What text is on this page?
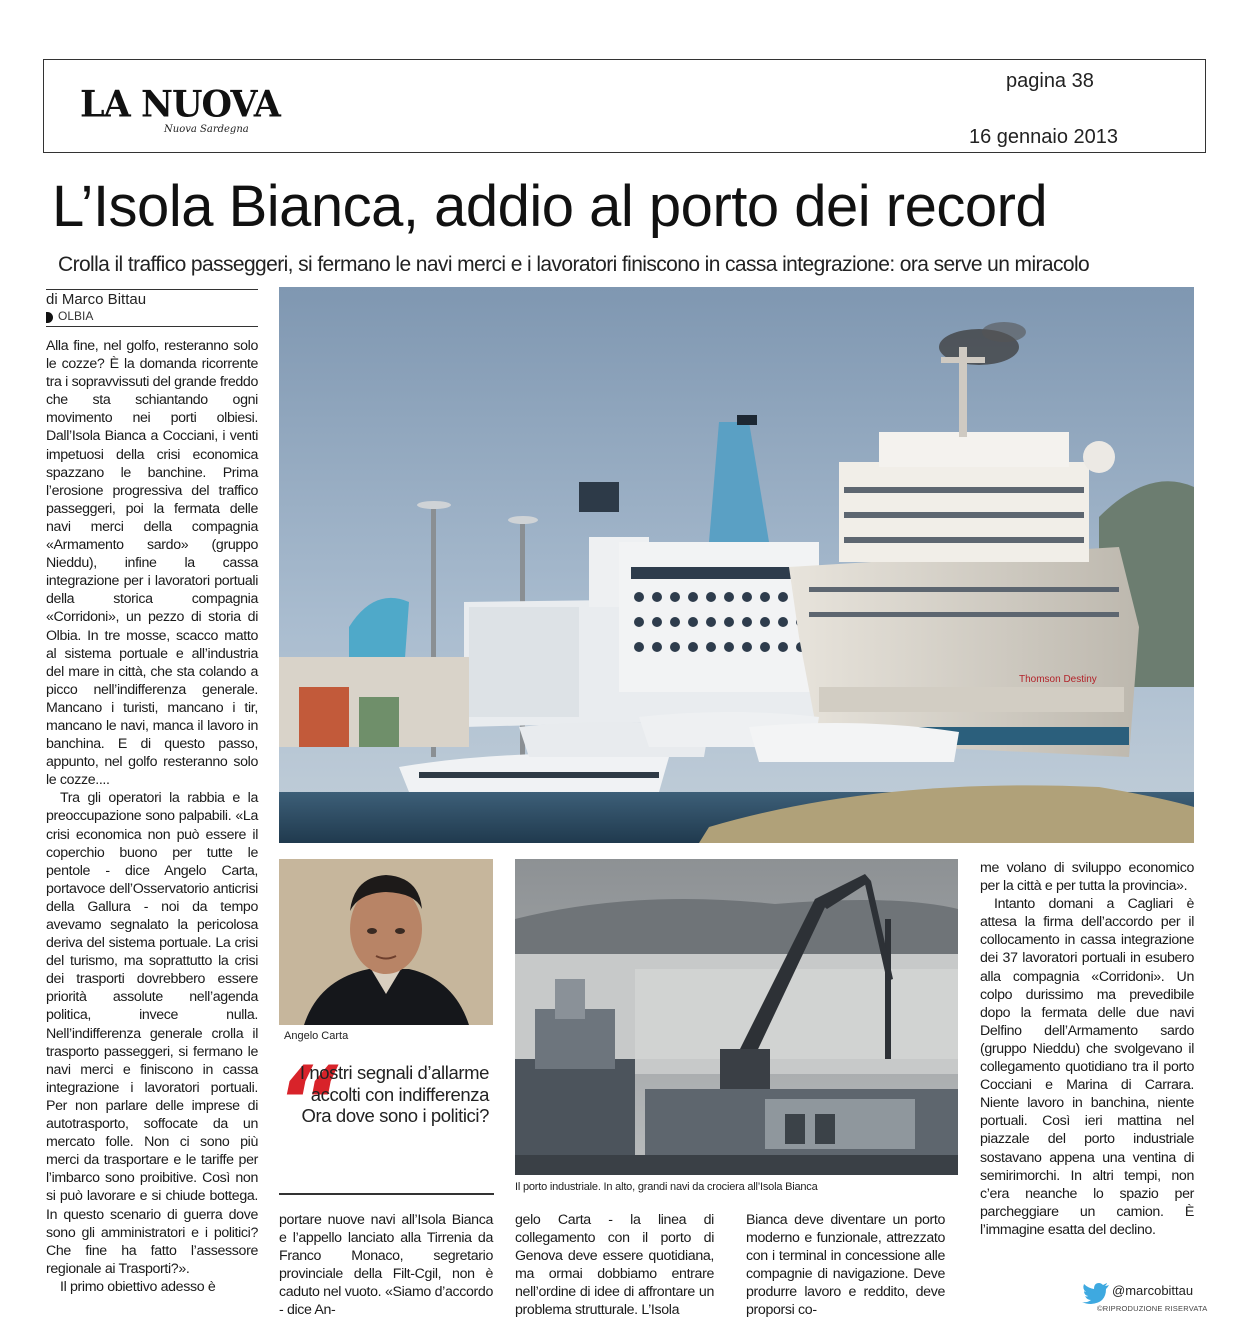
LA NUOVA
Nuova Sardegna
pagina 38
16 gennaio 2013
L’Isola Bianca, addio al porto dei record
Crolla il traffico passeggeri, si fermano le navi merci e i lavoratori finiscono in cassa integrazione: ora serve un miracolo
di Marco Bittau
OLBIA

Alla fine, nel golfo, resteranno solo le cozze? È la domanda ricorrente tra i sopravvissuti del grande freddo che sta schiantando ogni movimento nei porti olbiesi. Dall’Isola Bianca a Cocciani, i venti impetuosi della crisi economica spazzano le banchine. Prima l’erosione progressiva del traffico passeggeri, poi la fermata delle navi merci della compagnia «Armamento sardo» (gruppo Nieddu), infine la cassa integrazione per i lavoratori portuali della storica compagnia «Corridoni», un pezzo di storia di Olbia. In tre mosse, scacco matto al sistema portuale e all’industria del mare in città, che sta colando a picco nell’indifferenza generale. Mancano i turisti, mancano i tir, mancano le navi, manca il lavoro in banchina. E di questo passo, appunto, nel golfo resteranno solo le cozze....

Tra gli operatori la rabbia e la preoccupazione sono palpabili. «La crisi economica non può essere il coperchio buono per tutte le pentole - dice Angelo Carta, portavoce dell’Osservatorio anticrisi della Gallura - noi da tempo avevamo segnalato la pericolosa deriva del sistema portuale. La crisi del turismo, ma soprattutto la crisi dei trasporti dovrebbero essere priorità assolute nell’agenda politica, invece nulla. Nell’indifferenza generale crolla il trasporto passeggeri, si fermano le navi merci e finiscono in cassa integrazione i lavoratori portuali. Per non parlare delle imprese di autotrasporto, soffocate da un mercato folle. Non ci sono più merci da trasportare e le tariffe per l’imbarco sono proibitive. Così non si può lavorare e si chiude bottega. In questo scenario di guerra dove sono gli amministratori e i politici? Che fine ha fatto l’assessore regionale ai Trasporti?».

Il primo obiettivo adesso è

Thomson Destiny
Angelo Carta
“
I nostri segnali d’allarme accolti con indifferenza Ora dove sono i politici?
Il porto industriale. In alto, grandi navi da crociera all’Isola Bianca

portare nuove navi all’Isola Bianca e l’appello lanciato alla Tirrenia da Franco Monaco, segretario provinciale della Filt-Cgil, non è caduto nel vuoto. «Siamo d’accordo - dice An-

gelo Carta - la linea di collegamento con il porto di Genova deve essere quotidiana, ma ormai dobbiamo entrare nell’ordine di idee di affrontare un problema strutturale. L’Isola

Bianca deve diventare un porto moderno e funzionale, attrezzato con i terminal in concessione alle compagnie di navigazione. Deve produrre lavoro e reddito, deve proporsi co-

me volano di sviluppo economico per la città e per tutta la provincia».

Intanto domani a Cagliari è attesa la firma dell’accordo per il collocamento in cassa integrazione dei 37 lavoratori portuali in esubero alla compagnia «Corridoni». Un colpo durissimo ma prevedibile dopo la fermata delle due navi Delfino dell’Armamento sardo (gruppo Nieddu) che svolgevano il collegamento quotidiano tra il porto Cocciani e Marina di Carrara. Niente lavoro in banchina, niente portuali. Così ieri mattina nel piazzale del porto industriale sostavano appena una ventina di semirimorchi. In altri tempi, non c’era neanche lo spazio per parcheggiare un camion. È l’immagine esatta del declino.

@marcobittau
©RIPRODUZIONE RISERVATA
